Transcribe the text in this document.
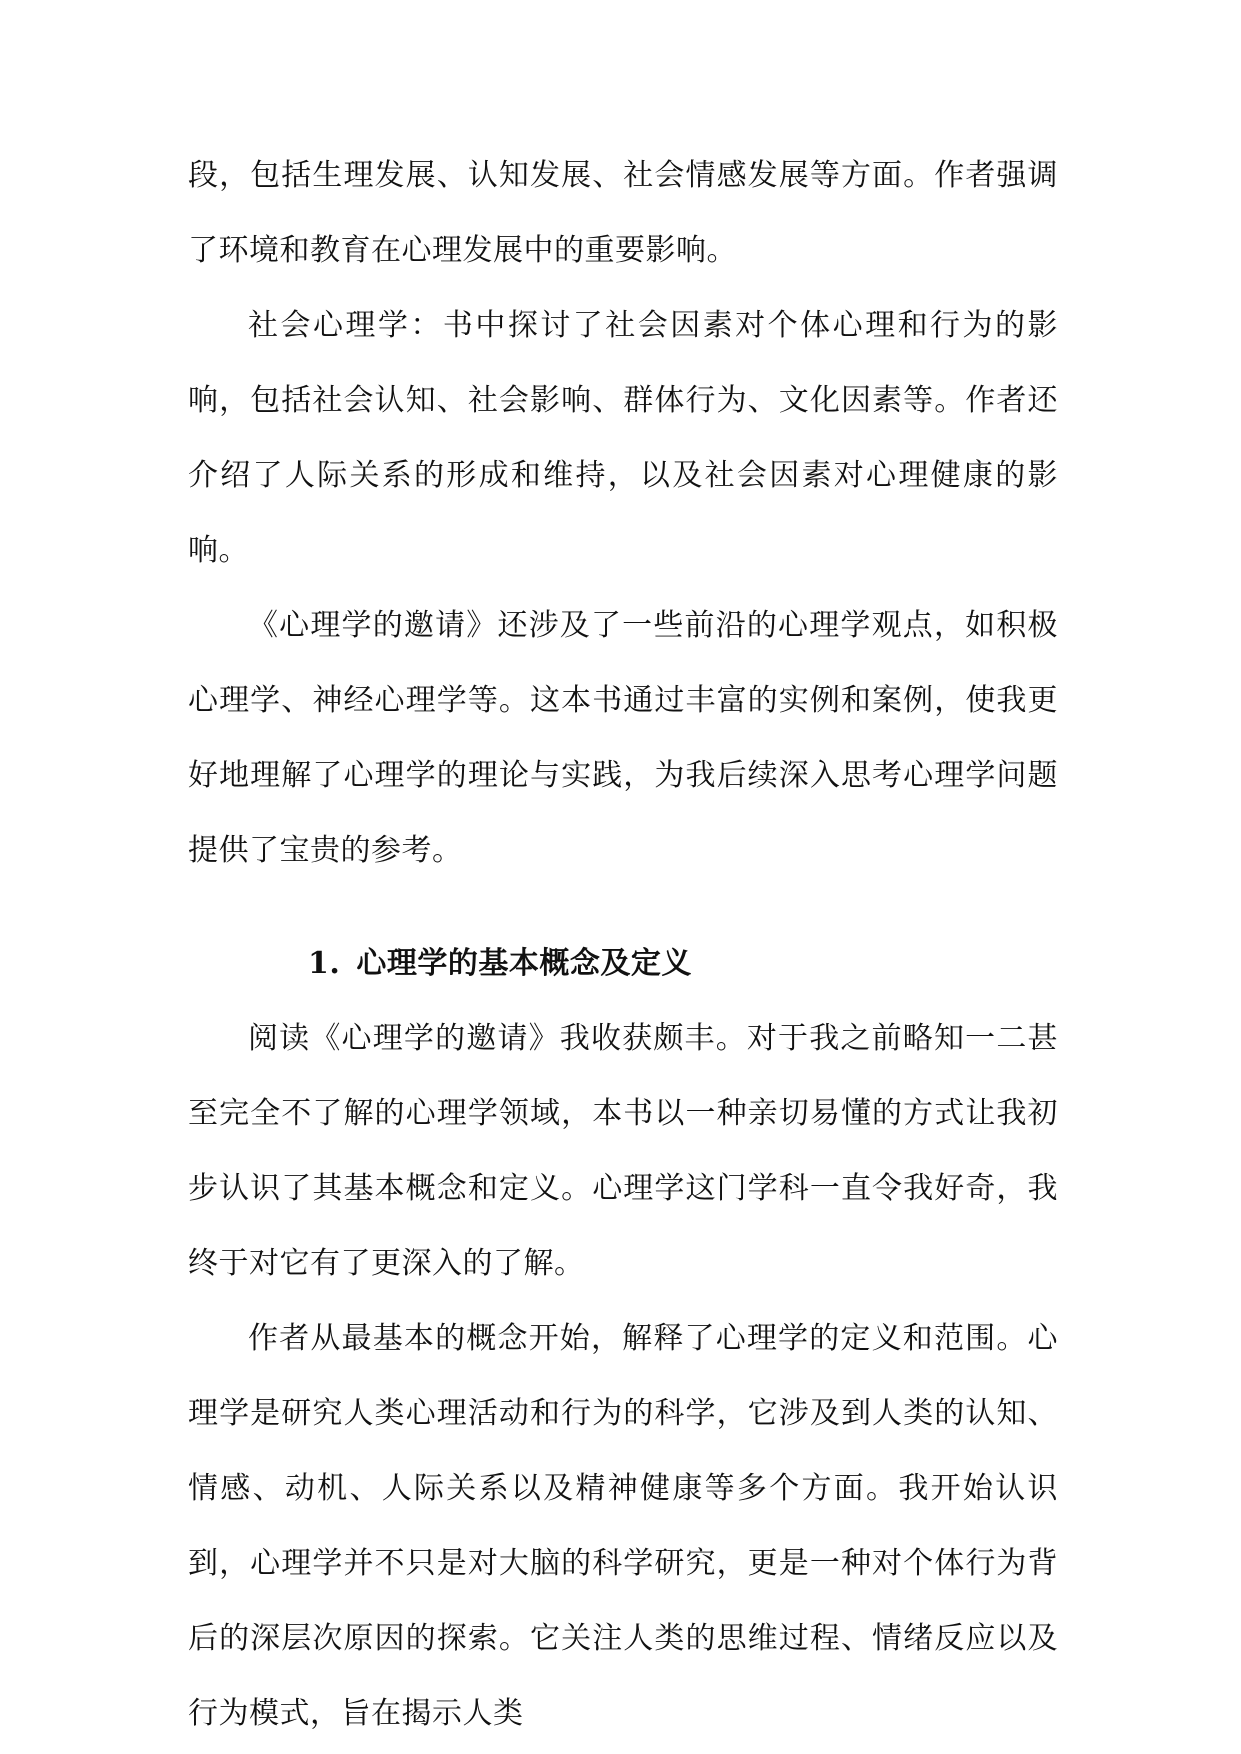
段，包括生理发展、认知发展、社会情感发展等方面。作者强调了环境和教育在心理发展中的重要影响。

社会心理学：书中探讨了社会因素对个体心理和行为的影响，包括社会认知、社会影响、群体行为、文化因素等。作者还介绍了人际关系的形成和维持，以及社会因素对心理健康的影响。

《心理学的邀请》还涉及了一些前沿的心理学观点，如积极心理学、神经心理学等。这本书通过丰富的实例和案例，使我更好地理解了心理学的理论与实践，为我后续深入思考心理学问题提供了宝贵的参考。

1. 心理学的基本概念及定义

阅读《心理学的邀请》我收获颇丰。对于我之前略知一二甚至完全不了解的心理学领域，本书以一种亲切易懂的方式让我初步认识了其基本概念和定义。心理学这门学科一直令我好奇，我终于对它有了更深入的了解。

作者从最基本的概念开始，解释了心理学的定义和范围。心理学是研究人类心理活动和行为的科学，它涉及到人类的认知、情感、动机、人际关系以及精神健康等多个方面。我开始认识到，心理学并不只是对大脑的科学研究，更是一种对个体行为背后的深层次原因的探索。它关注人类的思维过程、情绪反应以及行为模式，旨在揭示人类
